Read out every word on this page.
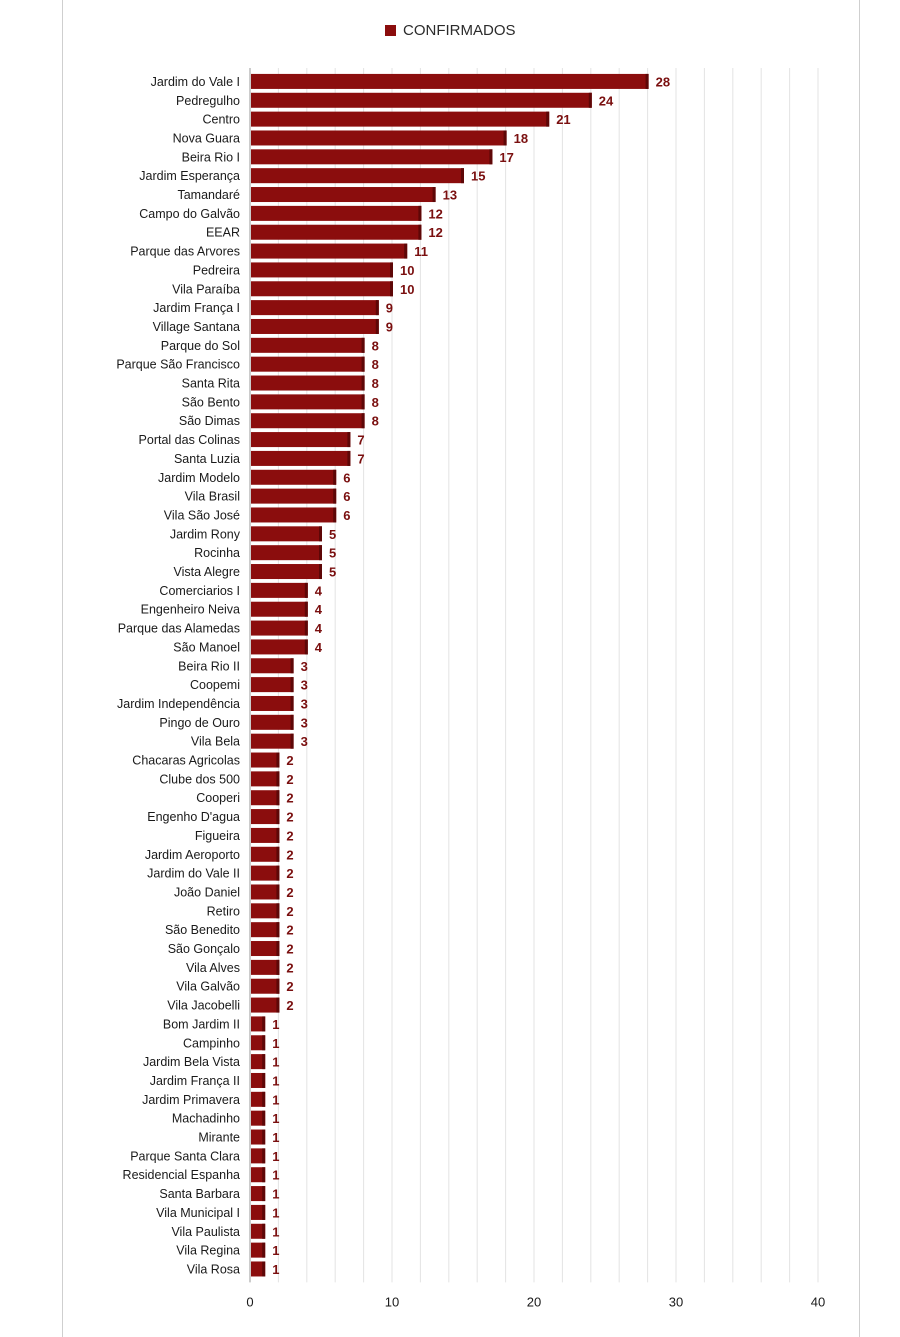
CONFIRMADOS
Jardim do Vale I	28
Pedregulho	24
Centro	21
Nova Guara	18
Beira Rio I	17
Jardim Esperança	15
Tamandaré	13
Campo do Galvão	12
EEAR	12
Parque das Arvores	11
Pedreira	10
Vila Paraíba	10
Jardim França I	9
Village Santana	9
Parque do Sol	8
Parque São Francisco	8
Santa Rita	8
São Bento	8
São Dimas	8
Portal das Colinas	7
Santa Luzia	7
Jardim Modelo	6
Vila Brasil	6
Vila São José	6
Jardim Rony	5
Rocinha	5
Vista Alegre	5
Comerciarios I	4
Engenheiro Neiva	4
Parque das Alamedas	4
São Manoel	4
Beira Rio II	3
Coopemi	3
Jardim Independência	3
Pingo de Ouro	3
Vila Bela	3
Chacaras Agricolas	2
Clube dos 500	2
Cooperi	2
Engenho D'agua	2
Figueira	2
Jardim Aeroporto	2
Jardim do Vale II	2
João Daniel	2
Retiro	2
São Benedito	2
São Gonçalo	2
Vila Alves	2
Vila Galvão	2
Vila Jacobelli	2
Bom Jardim II 1
Campinho 1
Jardim Bela Vista 1
Jardim França II 1
Jardim Primavera 1
Machadinho 1
Mirante 1
Parque Santa Clara 1
Residencial Espanha 1
Santa Barbara 1
Vila Municipal I 1
Vila Paulista 1
Vila Regina 1
Vila Rosa 1
0	10	20	30	40
